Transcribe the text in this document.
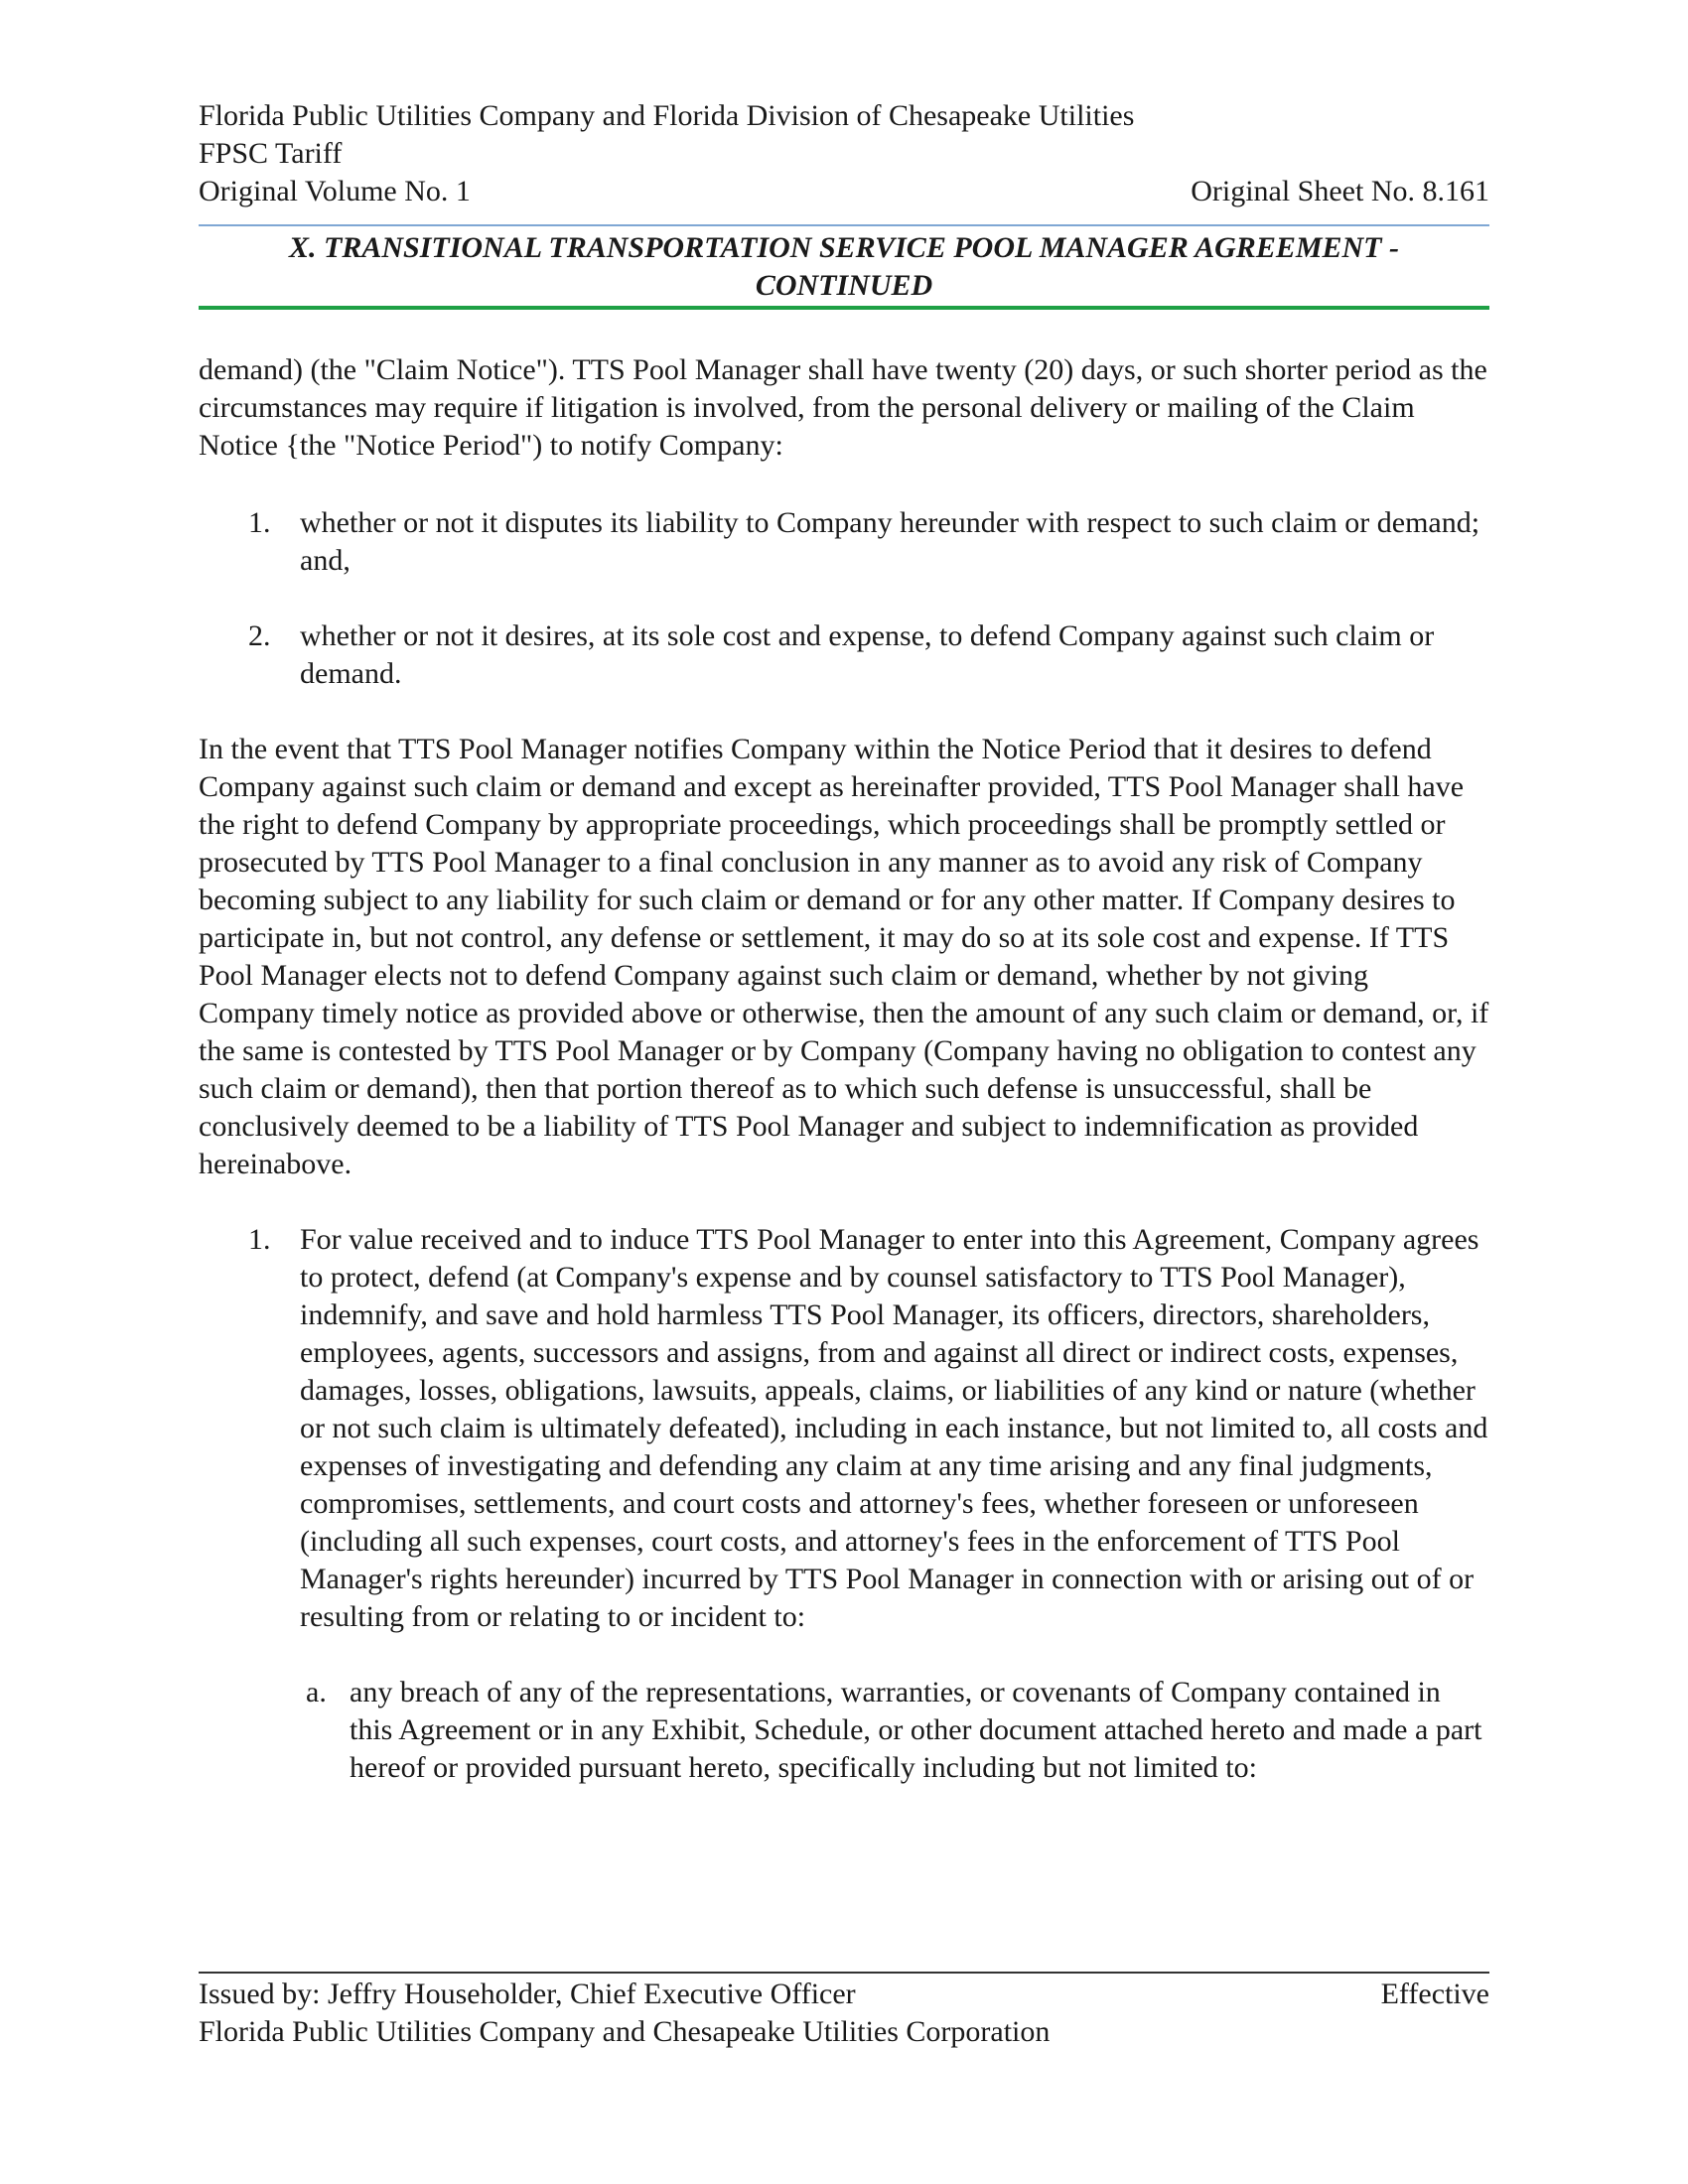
Florida Public Utilities Company and Florida Division of Chesapeake Utilities
FPSC Tariff
Original Volume No. 1	Original Sheet No. 8.161
X. TRANSITIONAL TRANSPORTATION SERVICE POOL MANAGER AGREEMENT -
CONTINUED

demand) (the "Claim Notice"). TTS Pool Manager shall have twenty (20) days, or such shorter period as the circumstances may require if litigation is involved, from the personal delivery or mailing of the Claim Notice {the "Notice Period") to notify Company:

1. whether or not it disputes its liability to Company hereunder with respect to such claim or demand; and,
2. whether or not it desires, at its sole cost and expense, to defend Company against such claim or demand.

In the event that TTS Pool Manager notifies Company within the Notice Period that it desires to defend Company against such claim or demand and except as hereinafter provided, TTS Pool Manager shall have the right to defend Company by appropriate proceedings, which proceedings shall be promptly settled or prosecuted by TTS Pool Manager to a final conclusion in any manner as to avoid any risk of Company becoming subject to any liability for such claim or demand or for any other matter. If Company desires to participate in, but not control, any defense or settlement, it may do so at its sole cost and expense. If TTS Pool Manager elects not to defend Company against such claim or demand, whether by not giving Company timely notice as provided above or otherwise, then the amount of any such claim or demand, or, if the same is contested by TTS Pool Manager or by Company (Company having no obligation to contest any such claim or demand), then that portion thereof as to which such defense is unsuccessful, shall be conclusively deemed to be a liability of TTS Pool Manager and subject to indemnification as provided hereinabove.

1. For value received and to induce TTS Pool Manager to enter into this Agreement, Company agrees to protect, defend (at Company's expense and by counsel satisfactory to TTS Pool Manager), indemnify, and save and hold harmless TTS Pool Manager, its officers, directors, shareholders, employees, agents, successors and assigns, from and against all direct or indirect costs, expenses, damages, losses, obligations, lawsuits, appeals, claims, or liabilities of any kind or nature (whether or not such claim is ultimately defeated), including in each instance, but not limited to, all costs and expenses of investigating and defending any claim at any time arising and any final judgments, compromises, settlements, and court costs and attorney's fees, whether foreseen or unforeseen (including all such expenses, court costs, and attorney's fees in the enforcement of TTS Pool Manager's rights hereunder) incurred by TTS Pool Manager in connection with or arising out of or resulting from or relating to or incident to:
a. any breach of any of the representations, warranties, or covenants of Company contained in this Agreement or in any Exhibit, Schedule, or other document attached hereto and made a part hereof or provided pursuant hereto, specifically including but not limited to:
Issued by: Jeffry Householder, Chief Executive Officer	Effective
Florida Public Utilities Company and Chesapeake Utilities Corporation
